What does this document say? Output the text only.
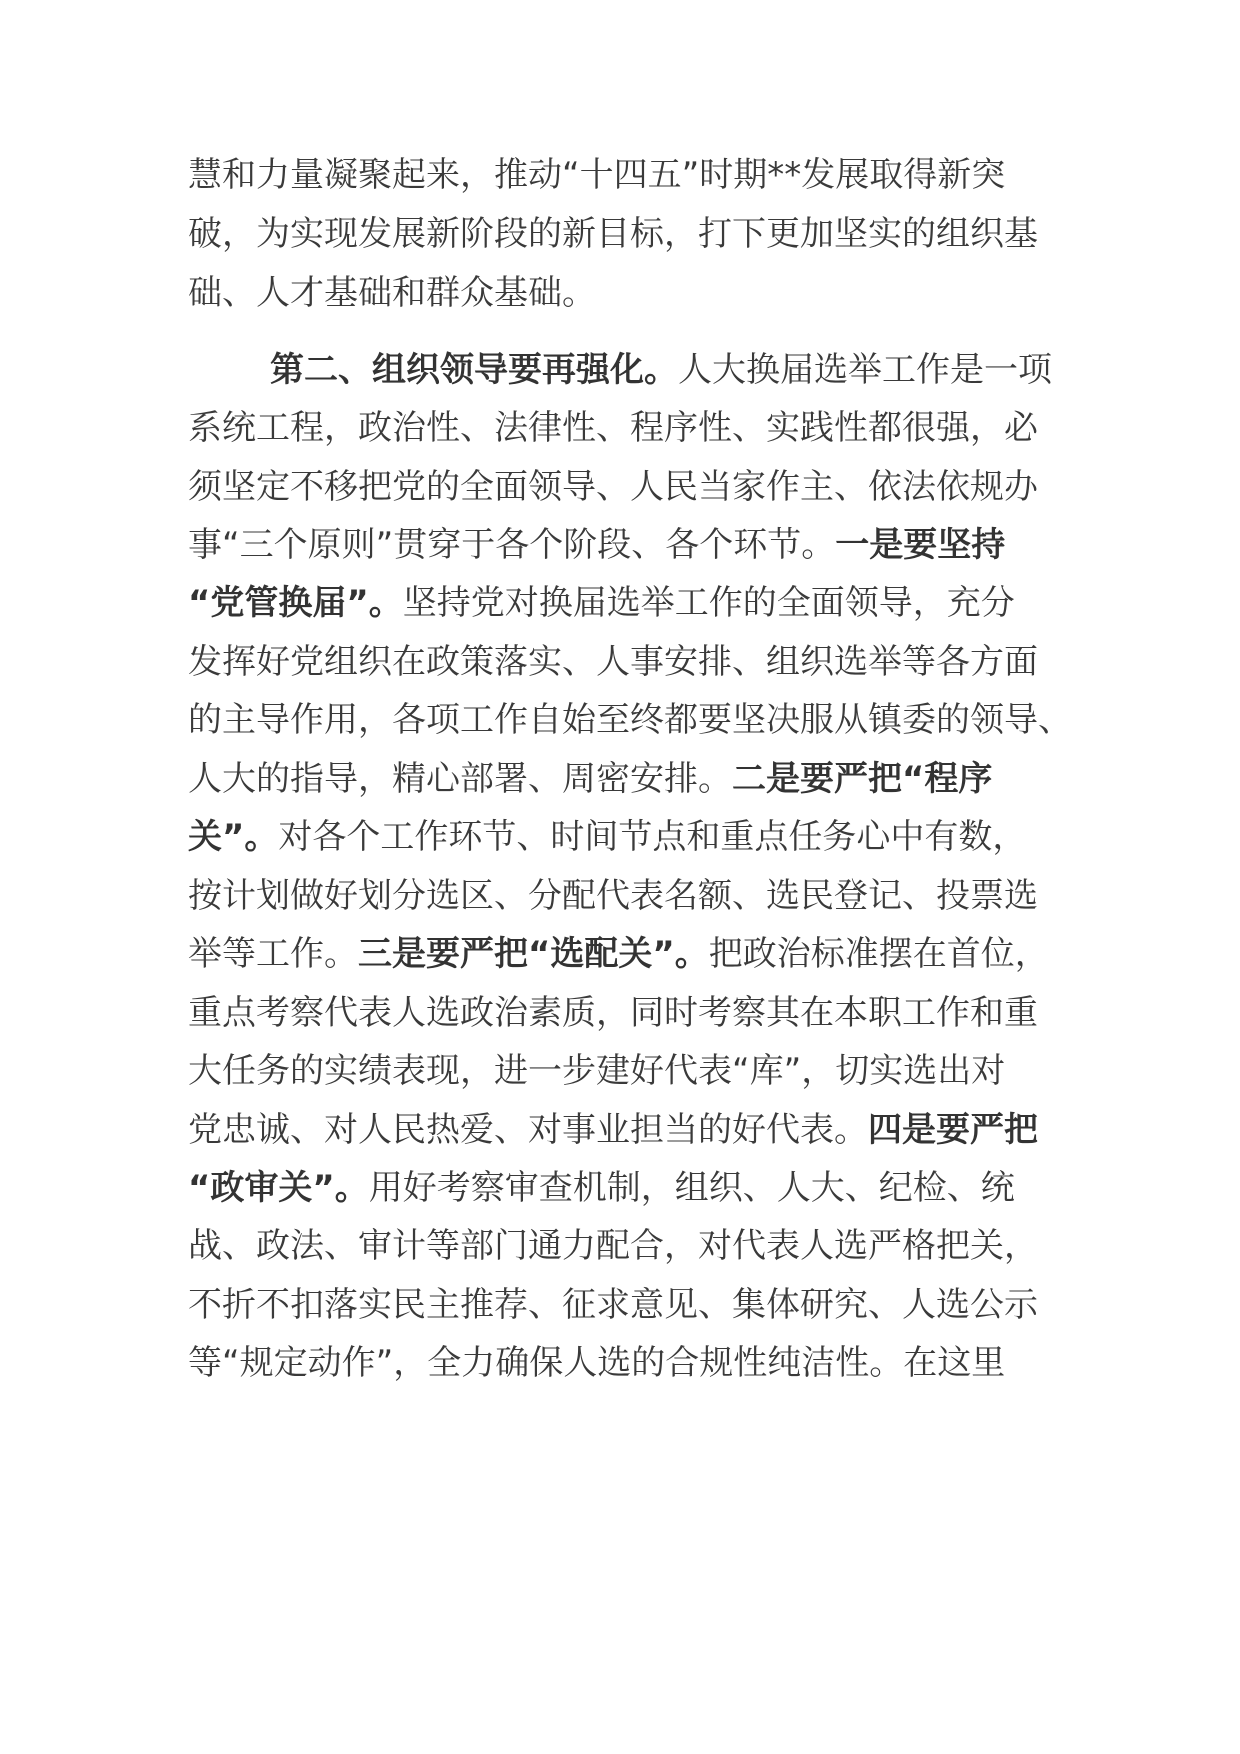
慧和力量凝聚起来，推动“十四五”时期**发展取得新突
破，为实现发展新阶段的新目标，打下更加坚实的组织基
础、人才基础和群众基础。
第二、组织领导要再强化。人大换届选举工作是一项
系统工程，政治性、法律性、程序性、实践性都很强，必
须坚定不移把党的全面领导、人民当家作主、依法依规办
事“三个原则”贯穿于各个阶段、各个环节。一是要坚持
“党管换届”。坚持党对换届选举工作的全面领导，充分
发挥好党组织在政策落实、人事安排、组织选举等各方面
的主导作用，各项工作自始至终都要坚决服从镇委的领导、
人大的指导，精心部署、周密安排。二是要严把“程序
关”。对各个工作环节、时间节点和重点任务心中有数，
按计划做好划分选区、分配代表名额、选民登记、投票选
举等工作。三是要严把“选配关”。把政治标准摆在首位，
重点考察代表人选政治素质，同时考察其在本职工作和重
大任务的实绩表现，进一步建好代表“库”，切实选出对
党忠诚、对人民热爱、对事业担当的好代表。四是要严把
“政审关”。用好考察审查机制，组织、人大、纪检、统
战、政法、审计等部门通力配合，对代表人选严格把关，
不折不扣落实民主推荐、征求意见、集体研究、人选公示
等“规定动作”，全力确保人选的合规性纯洁性。在这里
